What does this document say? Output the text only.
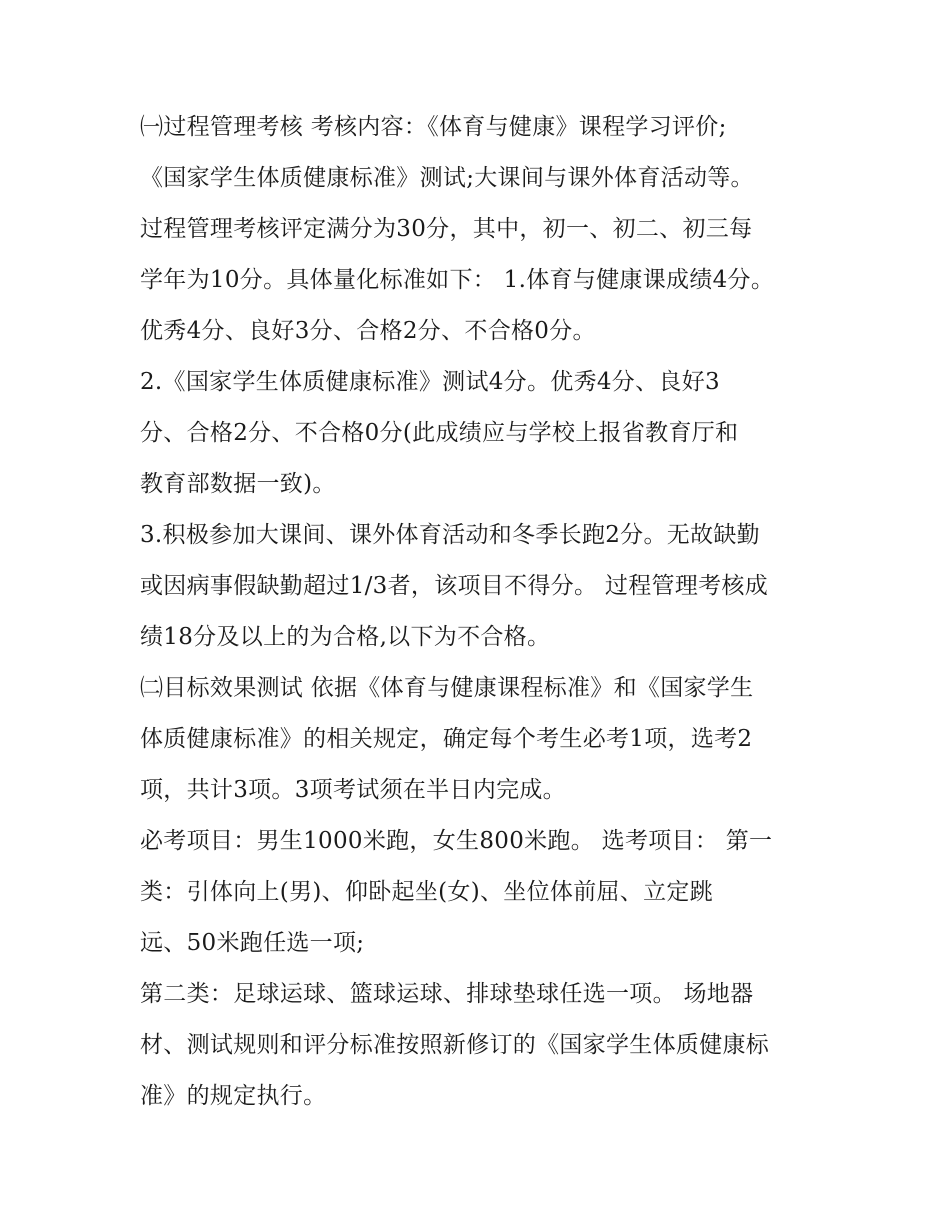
㈠过程管理考核 考核内容：《体育与健康》课程学习评价;
《国家学生体质健康标准》测试;大课间与课外体育活动等。
过程管理考核评定满分为30分，其中，初一、初二、初三每
学年为10分。具体量化标准如下： 1.体育与健康课成绩4分。
优秀4分、良好3分、合格2分、不合格0分。
2.《国家学生体质健康标准》测试4分。优秀4分、良好3
分、合格2分、不合格0分(此成绩应与学校上报省教育厅和
教育部数据一致)。
3.积极参加大课间、课外体育活动和冬季长跑2分。无故缺勤
或因病事假缺勤超过1/3者，该项目不得分。 过程管理考核成
绩18分及以上的为合格,以下为不合格。
㈡目标效果测试 依据《体育与健康课程标准》和《国家学生
体质健康标准》的相关规定，确定每个考生必考1项，选考2
项，共计3项。3项考试须在半日内完成。
必考项目：男生1000米跑，女生800米跑。 选考项目： 第一
类：引体向上(男)、仰卧起坐(女)、坐位体前屈、立定跳
远、50米跑任选一项;
第二类：足球运球、篮球运球、排球垫球任选一项。 场地器
材、测试规则和评分标准按照新修订的《国家学生体质健康标
准》的规定执行。
